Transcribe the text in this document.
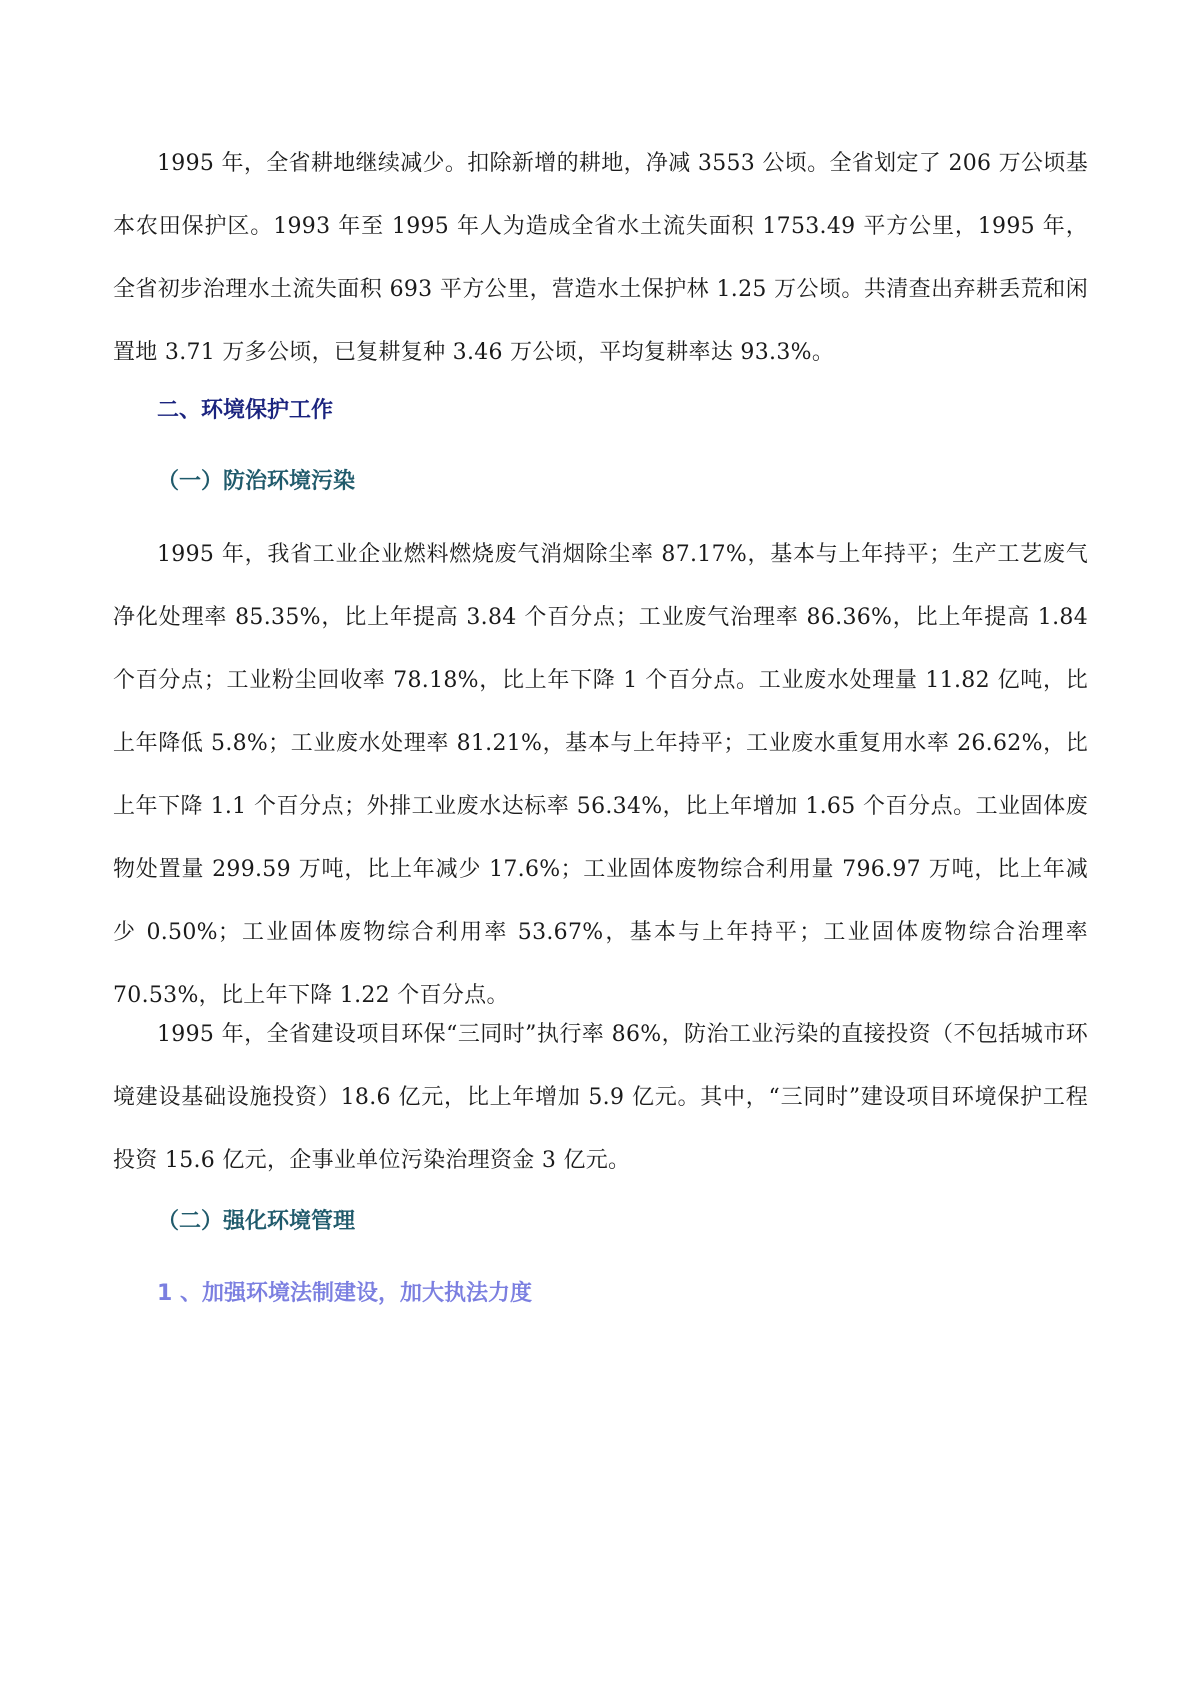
1995 年，全省耕地继续减少。扣除新增的耕地，净减 3553 公顷。全省划定了 206 万公顷基本农田保护区。1993 年至 1995 年人为造成全省水土流失面积 1753.49 平方公里，1995 年，全省初步治理水土流失面积 693 平方公里，营造水土保护林 1.25 万公顷。共清查出弃耕丢荒和闲置地 3.71 万多公顷，已复耕复种 3.46 万公顷，平均复耕率达 93.3%。

二、环境保护工作
（一）防治环境污染

1995 年，我省工业企业燃料燃烧废气消烟除尘率 87.17%，基本与上年持平；生产工艺废气净化处理率 85.35%，比上年提高 3.84 个百分点；工业废气治理率 86.36%，比上年提高 1.84 个百分点；工业粉尘回收率 78.18%，比上年下降 1 个百分点。工业废水处理量 11.82 亿吨，比上年降低 5.8%；工业废水处理率 81.21%，基本与上年持平；工业废水重复用水率 26.62%，比上年下降 1.1 个百分点；外排工业废水达标率 56.34%，比上年增加 1.65 个百分点。工业固体废物处置量 299.59 万吨，比上年减少 17.6%；工业固体废物综合利用量 796.97 万吨，比上年减少 0.50%；工业固体废物综合利用率 53.67%，基本与上年持平；工业固体废物综合治理率 70.53%，比上年下降 1.22 个百分点。

1995 年，全省建设项目环保“三同时”执行率 86%，防治工业污染的直接投资（不包括城市环境建设基础设施投资）18.6 亿元，比上年增加 5.9 亿元。其中，“三同时”建设项目环境保护工程投资 15.6 亿元，企事业单位污染治理资金 3 亿元。

（二）强化环境管理
1 、加强环境法制建设，加大执法力度
